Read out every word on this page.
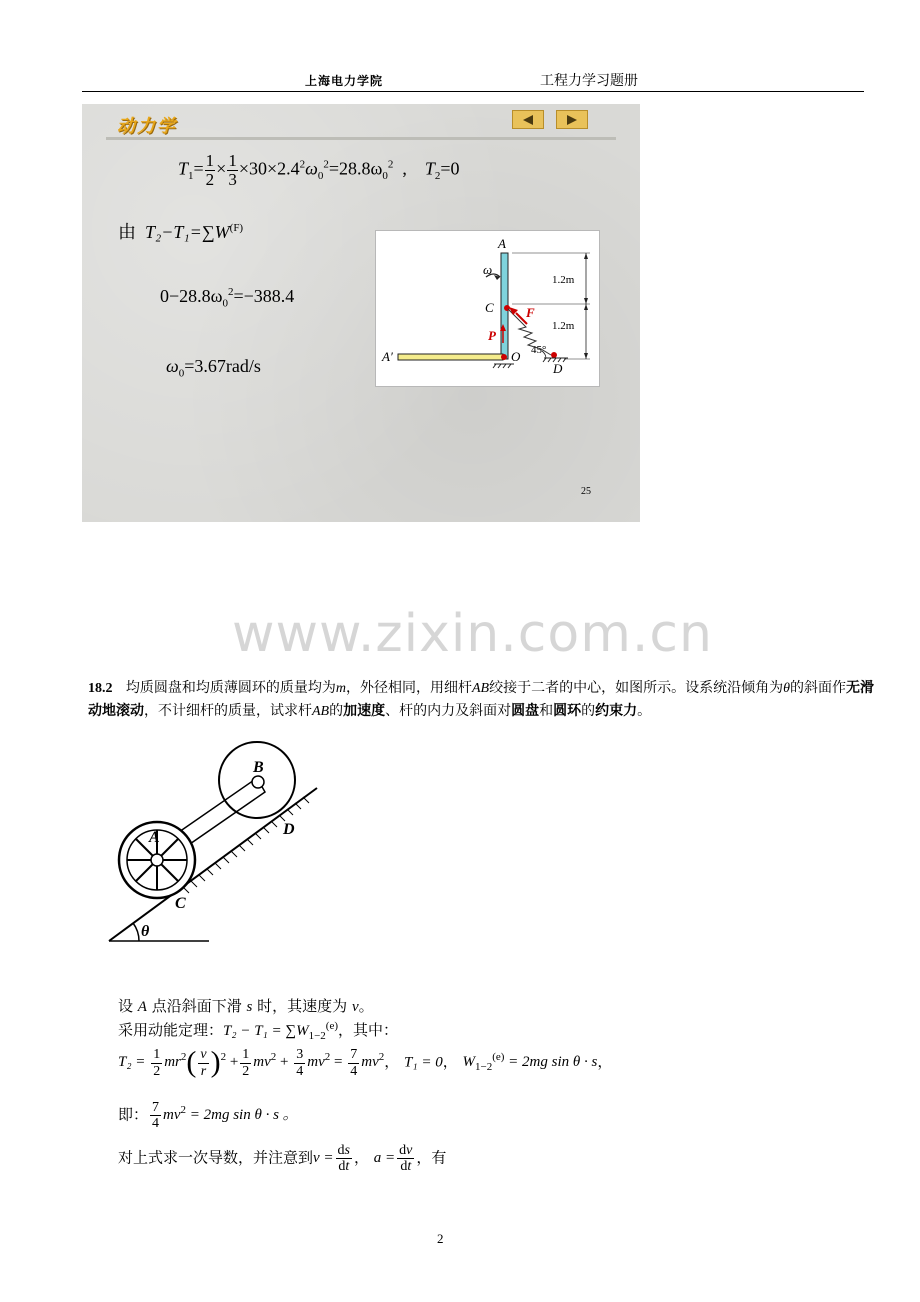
上海电力学院	工程力学习题册
动力学
$T_1= \frac{1}{2} \times \frac{1}{3} \times 30\times 2.4^2\omega_0^2=28.8\omega_0^2$  ,    $T_2=0$
由 $T_2-T_1=\sum W^{(F)}$
$0-28.8\omega_0^2=-388.4$
$\omega_0=3.67rad/s$
A
ω
C F
P
O
A′
D
45°
1.2m
1.2m
25
www.zixin.com.cn
18.2 均质圆盘和均质薄圆环的质量均为m，外径相同，用细杆AB绞接于二者的中心，如图所示。设系统沿倾角为θ的斜面作无滑动地滚动，不计细杆的质量，试求杆AB的加速度、杆的内力及斜面对圆盘和圆环的约束力。
A
B
C
D
θ
设 A 点沿斜面下滑 s 时，其速度为 v。
采用动能定理：$T_2 - T_1 = \sum W_{1-2}^{(e)}$，其中：
$T_2 = \frac{1}{2} mr^2( \frac{v}{r} )^2 + \frac{1}{2} mv^2 + \frac{3}{4} mv^2 = \frac{7}{4} mv^2$， T₁ = 0， $W_{1-2}^{(e)} = 2mg$ sin θ · s，
即： $\frac{7}{4} mv^2 = 2mg$ sin θ · s 。
对上式求一次导数，并注意到$v = \frac{ds}{dt}$ ， $a = \frac{dv}{dt}$ ，有
2
